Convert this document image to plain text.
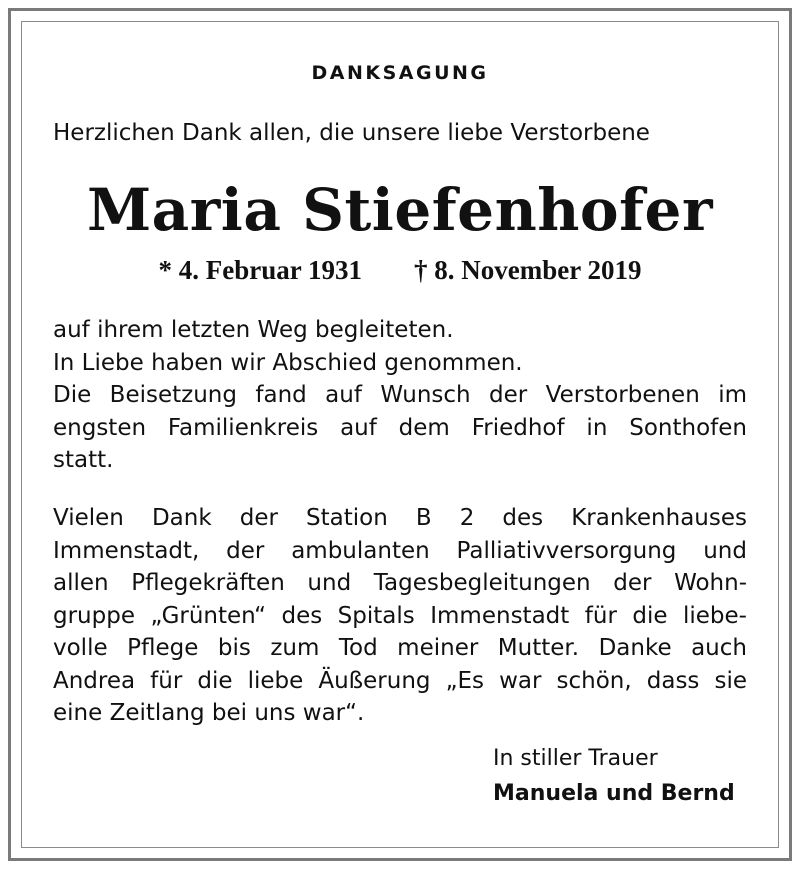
DANKSAGUNG
Herzlichen Dank allen, die unsere liebe Verstorbene
Maria Stiefenhofer
* 4. Februar 1931 † 8. November 2019
auf ihrem letzten Weg begleiteten.
In Liebe haben wir Abschied genommen.
Die Beisetzung fand auf Wunsch der Verstorbenen im
engsten Familienkreis auf dem Friedhof in Sonthofen
statt.
Vielen Dank der Station B 2 des Krankenhauses
Immenstadt, der ambulanten Palliativversorgung und
allen Pflegekräften und Tagesbegleitungen der Wohn-
gruppe „Grünten“ des Spitals Immenstadt für die liebe-
volle Pflege bis zum Tod meiner Mutter. Danke auch
Andrea für die liebe Äußerung „Es war schön, dass sie
eine Zeitlang bei uns war“.
In stiller Trauer
Manuela und Bernd
